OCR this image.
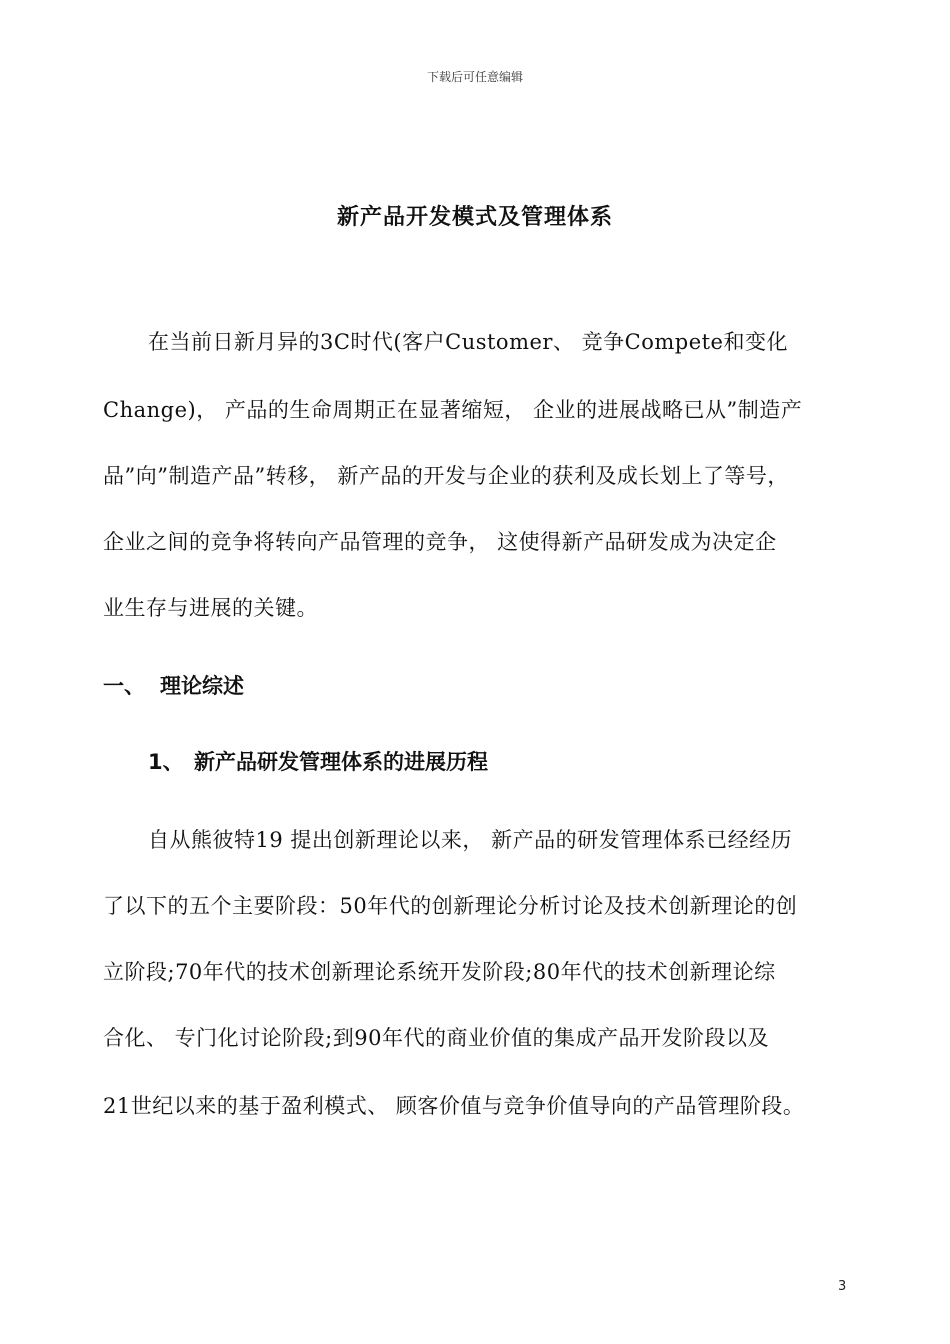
下载后可任意编辑
新产品开发模式及管理体系
在当前日新月异的3C时代(客户Customer、 竞争Compete和变化
Change)， 产品的生命周期正在显著缩短， 企业的进展战略已从”制造产
品”向”制造产品”转移， 新产品的开发与企业的获利及成长划上了等号，
企业之间的竞争将转向产品管理的竞争， 这使得新产品研发成为决定企
业生存与进展的关键。
一、 理论综述
1、 新产品研发管理体系的进展历程
自从熊彼特19 提出创新理论以来， 新产品的研发管理体系已经经历
了以下的五个主要阶段：50年代的创新理论分析讨论及技术创新理论的创
立阶段;70年代的技术创新理论系统开发阶段;80年代的技术创新理论综
合化、 专门化讨论阶段;到90年代的商业价值的集成产品开发阶段以及
21世纪以来的基于盈利模式、 顾客价值与竞争价值导向的产品管理阶段。
3
